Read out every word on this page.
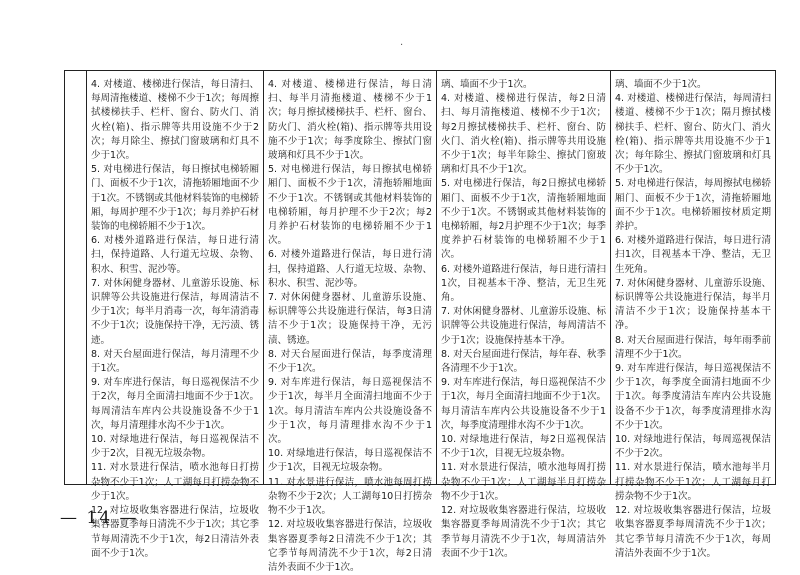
·

4. 对楼道、楼梯进行保洁，每日清扫、每周清拖楼道、楼梯不少于1次；每周擦拭楼梯扶手、栏杆、窗台、防火门、消火栓(箱)、指示牌等共用设施不少于2次；每月除尘、擦拭门窗玻璃和灯具不少于1次。

5. 对电梯进行保洁，每日擦拭电梯轿厢门、面板不少于1次，清拖轿厢地面不少于1次。不锈钢或其他材料装饰的电梯轿厢，每周护理不少于1次；每月养护石材装饰的电梯轿厢不少于1次。

6. 对楼外道路进行保洁，每日进行清扫，保持道路、人行道无垃圾、杂物、积水、积雪、泥沙等。

7. 对休闲健身器材、儿童游乐设施、标识牌等公共设施进行保洁，每周清洁不少于1次；每半月消毒一次，每年清消毒不少于1次；设施保持干净，无污渍、锈迹。

8. 对天台屋面进行保洁，每月清理不少于1次。

9. 对车库进行保洁，每日巡视保洁不少于2次，每月全面清扫地面不少于1次。每周清洁车库内公共设施设备不少于1次，每月清理排水沟不少于1次。

10. 对绿地进行保洁，每日巡视保洁不少于2次，目视无垃圾杂物。

11. 对水景进行保洁，喷水池每日打捞杂物不少于1次；人工湖每月打捞杂物不少于1次。

12. 对垃圾收集容器进行保洁，垃圾收集容器夏季每日清洗不少于1次；其它季节每周清洗不少于1次，每2日清洁外表面不少于1次。

4. 对楼道、楼梯进行保洁，每日清扫、每半月清拖楼道、楼梯不少于1次；每月擦拭楼梯扶手、栏杆、窗台、防火门、消火栓(箱)、指示牌等共用设施不少于1次；每季度除尘、擦拭门窗玻璃和灯具不少于1次。

5. 对电梯进行保洁，每日擦拭电梯轿厢门、面板不少于1次，清拖轿厢地面不少于1次。不锈钢或其他材料装饰的电梯轿厢，每月护理不少于2次；每2月养护石材装饰的电梯轿厢不少于1次。

6. 对楼外道路进行保洁，每日进行清扫，保持道路、人行道无垃圾、杂物、积水、积雪、泥沙等。

7. 对休闲健身器材、儿童游乐设施、标识牌等公共设施进行保洁，每3日清洁不少于1次；设施保持干净，无污渍、锈迹。

8. 对天台屋面进行保洁，每季度清理不少于1次。

9. 对车库进行保洁，每日巡视保洁不少于1次，每半月全面清扫地面不少于1次。每月清洁车库内公共设施设备不少于1次，每月清理排水沟不少于1次。

10. 对绿地进行保洁，每日巡视保洁不少于1次，目视无垃圾杂物。

11. 对水景进行保洁，喷水池每周打捞杂物不少于2次；人工湖每10日打捞杂物不少于1次。

12. 对垃圾收集容器进行保洁，垃圾收集容器夏季每2日清洗不少于1次；其它季节每周清洗不少于1次，每2日清洁外表面不少于1次。

璃、墙面不少于1次。

4. 对楼道、楼梯进行保洁，每2日清扫、每月清拖楼道、楼梯不少于1次；每2月擦拭楼梯扶手、栏杆、窗台、防火门、消火栓(箱)、指示牌等共用设施不少于1次；每半年除尘、擦拭门窗玻璃和灯具不少于1次。

5. 对电梯进行保洁，每2日擦拭电梯轿厢门、面板不少于1次，清拖轿厢地面不少于1次。不锈钢或其他材料装饰的电梯轿厢，每2月护理不少于1次；每季度养护石材装饰的电梯轿厢不少于1次。

6. 对楼外道路进行保洁，每日进行清扫1次，目视基本干净、整洁，无卫生死角。

7. 对休闲健身器材、儿童游乐设施、标识牌等公共设施进行保洁，每周清洁不少于1次；设施保持基本干净。

8. 对天台屋面进行保洁，每年春、秋季各清理不少于1次。

9. 对车库进行保洁，每日巡视保洁不少于1次，每月全面清扫地面不少于1次。每月清洁车库内公共设施设备不少于1次，每季度清理排水沟不少于1次。

10. 对绿地进行保洁，每2日巡视保洁不少于1次，目视无垃圾杂物。

11. 对水景进行保洁，喷水池每周打捞杂物不少于1次；人工湖每半月打捞杂物不少于1次。

12. 对垃圾收集容器进行保洁，垃圾收集容器夏季每周清洗不少于1次；其它季节每月清洗不少于1次，每周清洁外表面不少于1次。

璃、墙面不少于1次。

4. 对楼道、楼梯进行保洁，每周清扫楼道、楼梯不少于1次；隔月擦拭楼梯扶手、栏杆、窗台、防火门、消火栓(箱)、指示牌等共用设施不少于1次；每年除尘、擦拭门窗玻璃和灯具不少于1次。

5. 对电梯进行保洁，每周擦拭电梯轿厢门、面板不少于1次，清拖轿厢地面不少于1次。电梯轿厢按材质定期养护。

6. 对楼外道路进行保洁，每日进行清扫1次，目视基本干净、整洁，无卫生死角。

7. 对休闲健身器材、儿童游乐设施、标识牌等公共设施进行保洁，每半月清洁不少于1次；设施保持基本干净。

8. 对天台屋面进行保洁，每年雨季前清理不少于1次。

9. 对车库进行保洁，每日巡视保洁不少于1次，每季度全面清扫地面不少于1次。每季度清洁车库内公共设施设备不少于1次，每季度清理排水沟不少于1次。

10. 对绿地进行保洁，每周巡视保洁不少于2次。

11. 对水景进行保洁，喷水池每半月打捞杂物不少于1次；人工湖每月打捞杂物不少于1次。

12. 对垃圾收集容器进行保洁，垃圾收集容器夏季每周清洗不少于1次；其它季节每月清洗不少于1次，每周清洁外表面不少于1次。

— 14 —
